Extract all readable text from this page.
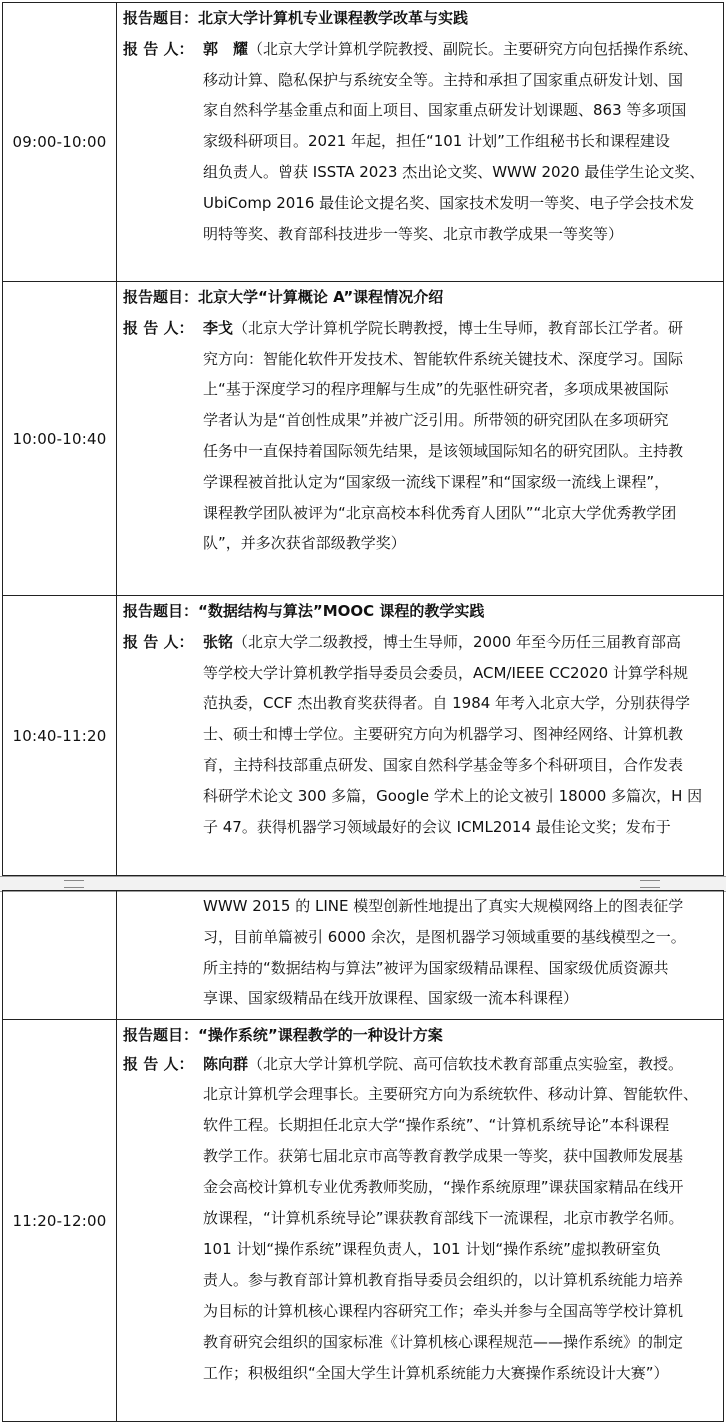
09:00-10:00
报告题目：北京大学计算机专业课程教学改革与实践
报 告 人： 郭　耀（北京大学计算机学院教授、副院长。主要研究方向包括操作系统、
移动计算、隐私保护与系统安全等。主持和承担了国家重点研发计划、国
家自然科学基金重点和面上项目、国家重点研发计划课题、863 等多项国
家级科研项目。2021 年起，担任“101 计划”工作组秘书长和课程建设
组负责人。曾获 ISSTA 2023 杰出论文奖、WWW 2020 最佳学生论文奖、
UbiComp 2016 最佳论文提名奖、国家技术发明一等奖、电子学会技术发
明特等奖、教育部科技进步一等奖、北京市教学成果一等奖等）
10:00-10:40
报告题目：北京大学“计算概论 A”课程情况介绍
报 告 人： 李戈（北京大学计算机学院长聘教授，博士生导师，教育部长江学者。研
究方向：智能化软件开发技术、智能软件系统关键技术、深度学习。国际
上“基于深度学习的程序理解与生成”的先驱性研究者，多项成果被国际
学者认为是“首创性成果”并被广泛引用。所带领的研究团队在多项研究
任务中一直保持着国际领先结果，是该领域国际知名的研究团队。主持教
学课程被首批认定为“国家级一流线下课程”和“国家级一流线上课程”，
课程教学团队被评为“北京高校本科优秀育人团队”“北京大学优秀教学团
队”，并多次获省部级教学奖）
10:40-11:20
报告题目：“数据结构与算法”MOOC 课程的教学实践
报 告 人： 张铭（北京大学二级教授，博士生导师，2000 年至今历任三届教育部高
等学校大学计算机教学指导委员会委员，ACM/IEEE CC2020 计算学科规
范执委，CCF 杰出教育奖获得者。自 1984 年考入北京大学，分别获得学
士、硕士和博士学位。主要研究方向为机器学习、图神经网络、计算机教
育，主持科技部重点研发、国家自然科学基金等多个科研项目，合作发表
科研学术论文 300 多篇，Google 学术上的论文被引 18000 多篇次，H 因
子 47。获得机器学习领域最好的会议 ICML2014 最佳论文奖；发布于
WWW 2015 的 LINE 模型创新性地提出了真实大规模网络上的图表征学
习，目前单篇被引 6000 余次，是图机器学习领域重要的基线模型之一。
所主持的“数据结构与算法”被评为国家级精品课程、国家级优质资源共
享课、国家级精品在线开放课程、国家级一流本科课程）
11:20-12:00
报告题目：“操作系统”课程教学的一种设计方案
报 告 人： 陈向群（北京大学计算机学院、高可信软技术教育部重点实验室，教授。
北京计算机学会理事长。主要研究方向为系统软件、移动计算、智能软件、
软件工程。长期担任北京大学“操作系统”、“计算机系统导论”本科课程
教学工作。获第七届北京市高等教育教学成果一等奖，获中国教师发展基
金会高校计算机专业优秀教师奖励，“操作系统原理”课获国家精品在线开
放课程，“计算机系统导论”课获教育部线下一流课程，北京市教学名师。
101 计划“操作系统”课程负责人，101 计划“操作系统”虚拟教研室负
责人。参与教育部计算机教育指导委员会组织的，以计算机系统能力培养
为目标的计算机核心课程内容研究工作；牵头并参与全国高等学校计算机
教育研究会组织的国家标准《计算机核心课程规范——操作系统》的制定
工作；积极组织“全国大学生计算机系统能力大赛操作系统设计大赛”）
